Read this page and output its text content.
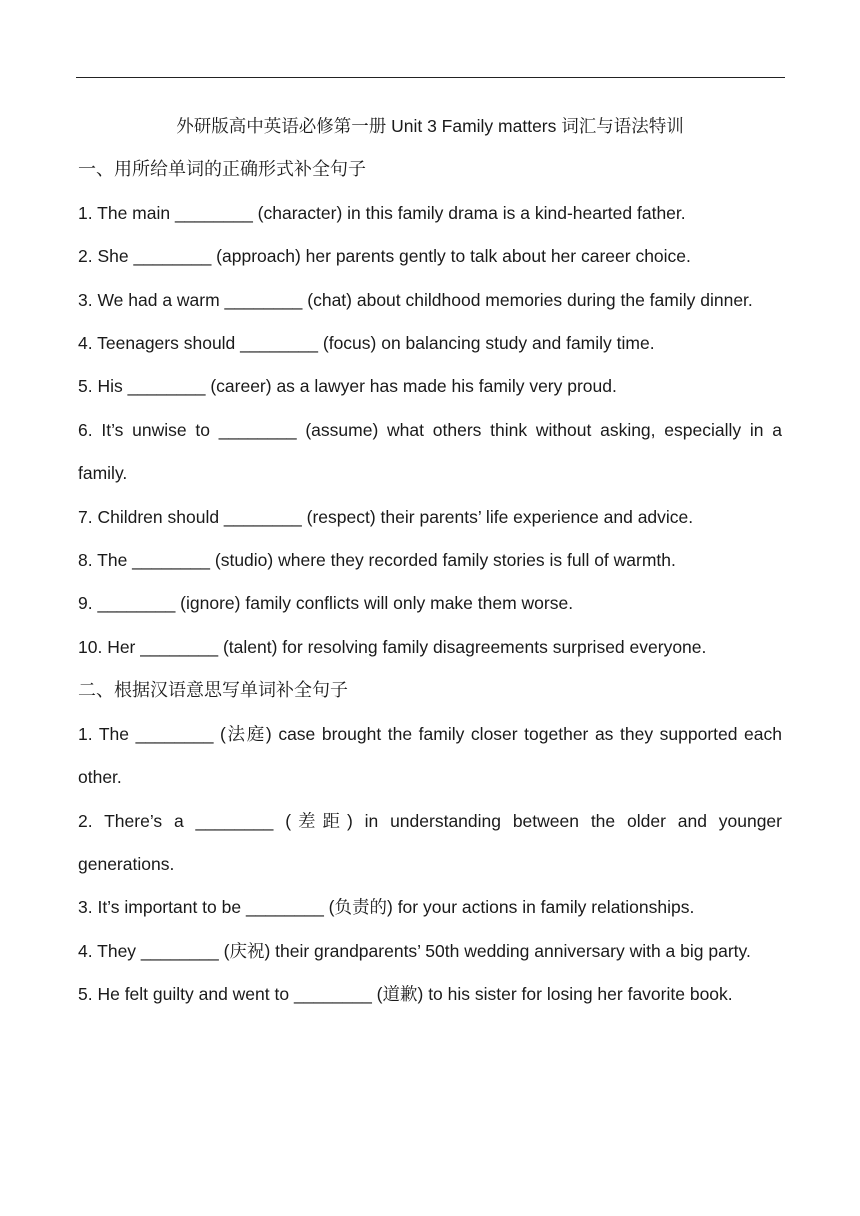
外研版高中英语必修第一册 Unit 3 Family matters 词汇与语法特训

一、用所给单词的正确形式补全句子

1. The main ________ (character) in this family drama is a kind-hearted father.

2. She ________ (approach) her parents gently to talk about her career choice.

3. We had a warm ________ (chat) about childhood memories during the family dinner.

4. Teenagers should ________ (focus) on balancing study and family time.

5. His ________ (career) as a lawyer has made his family very proud.

6. It’s unwise to ________ (assume) what others think without asking, especially in a family.

7. Children should ________ (respect) their parents’ life experience and advice.

8. The ________ (studio) where they recorded family stories is full of warmth.

9. ________ (ignore) family conflicts will only make them worse.

10. Her ________ (talent) for resolving family disagreements surprised everyone.

二、根据汉语意思写单词补全句子

1. The ________ (法庭) case brought the family closer together as they supported each other.

2. There’s a ________ (差距) in understanding between the older and younger generations.

3. It’s important to be ________ (负责的) for your actions in family relationships.

4. They ________ (庆祝) their grandparents’ 50th wedding anniversary with a big party.

5. He felt guilty and went to ________ (道歉) to his sister for losing her favorite book.
